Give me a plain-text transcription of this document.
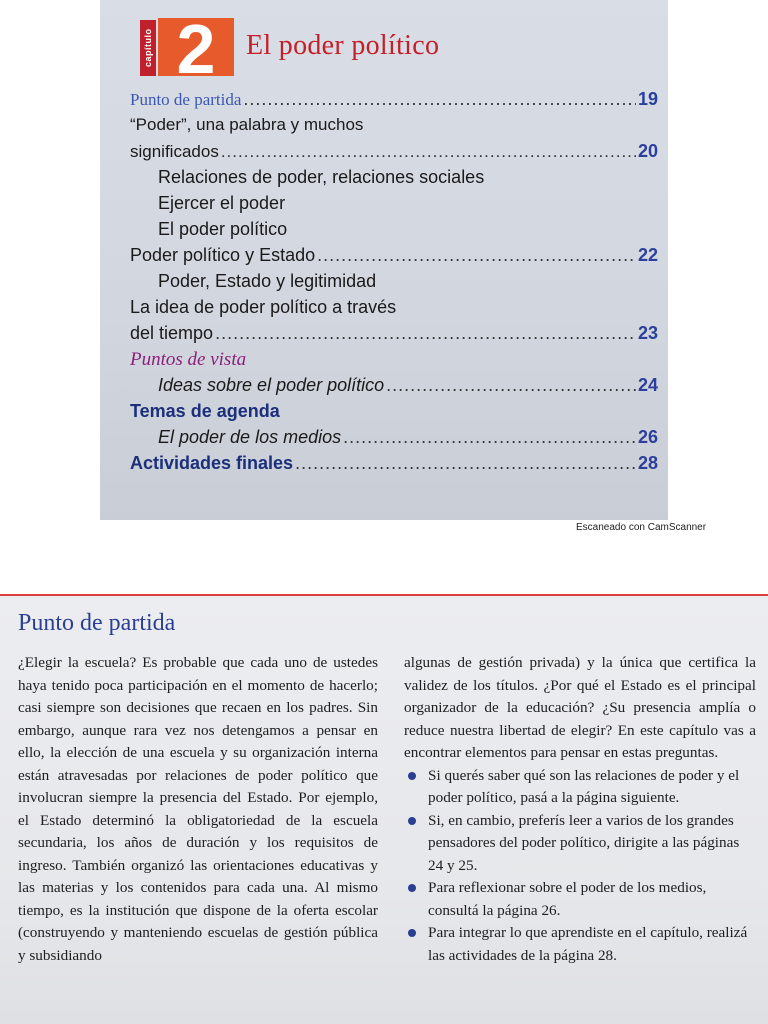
capítulo 2	El poder político
Punto de partida .....	19
“Poder”, una palabra y muchos
significados .....	20
Relaciones de poder, relaciones sociales
Ejercer el poder
El poder político
Poder político y Estado .....	22
Poder, Estado y legitimidad
La idea de poder político a través
del tiempo .....	23
Puntos de vista
Ideas sobre el poder político .....	24
Temas de agenda
El poder de los medios .....	26
Actividades finales .....	28
Escaneado con CamScanner
Punto de partida

¿Elegir la escuela? Es probable que cada uno de ustedes haya tenido poca participación en el momento de hacerlo; casi siempre son decisiones que recaen en los padres. Sin embargo, aunque rara vez nos detengamos a pensar en ello, la elección de una escuela y su organización interna están atravesadas por relaciones de poder político que involucran siempre la presencia del Estado. Por ejemplo, el Estado determinó la obligatoriedad de la escuela secundaria, los años de duración y los requisitos de ingreso. También organizó las orientaciones educativas y las materias y los contenidos para cada una. Al mismo tiempo, es la institución que dispone de la oferta escolar (construyendo y manteniendo escuelas de gestión pública y subsidiando

algunas de gestión privada) y la única que certifica la validez de los títulos. ¿Por qué el Estado es el principal organizador de la educación? ¿Su presencia amplía o reduce nuestra libertad de elegir? En este capítulo vas a encontrar elementos para pensar en estas preguntas.

Si querés saber qué son las relaciones de poder y el poder político, pasá a la página siguiente.
Si, en cambio, preferís leer a varios de los grandes pensadores del poder político, dirigite a las páginas 24 y 25.
Para reflexionar sobre el poder de los medios, consultá la página 26.
Para integrar lo que aprendiste en el capítulo, realizá las actividades de la página 28.
